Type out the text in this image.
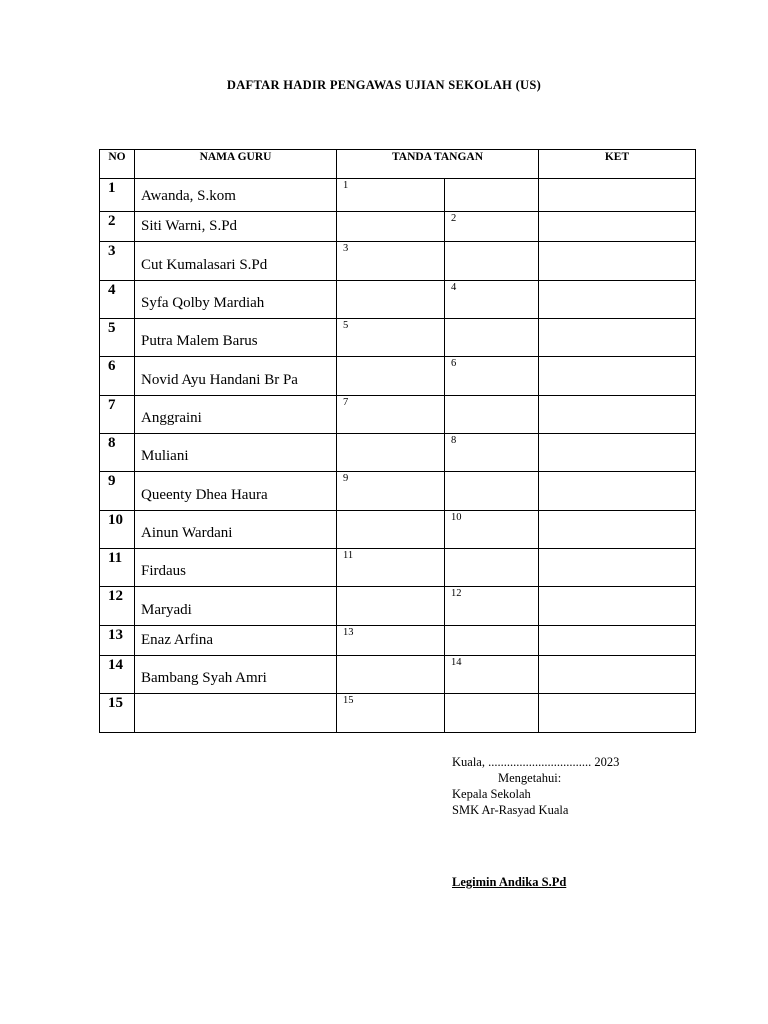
DAFTAR HADIR PENGAWAS UJIAN SEKOLAH (US)
NO	NAMA GURU	TANDA TANGAN		KET
1	Awanda, S.kom	1		
2	Siti Warni, S.Pd		2	
3	Cut Kumalasari S.Pd	3		
4	Syfa Qolby Mardiah		4	
5	Putra Malem Barus	5		
6	Novid Ayu Handani Br Pa		6	
7	Anggraini	7		
8	Muliani		8	
9	Queenty Dhea Haura	9		
10	Ainun Wardani		10	
11	Firdaus	11		
12	Maryadi		12	
13	Enaz Arfina	13		
14	Bambang Syah Amri		14	
15		15		
Kuala, ................................. 2023
Mengetahui:
Kepala Sekolah
SMK Ar-Rasyad Kuala
Legimin Andika S.Pd
